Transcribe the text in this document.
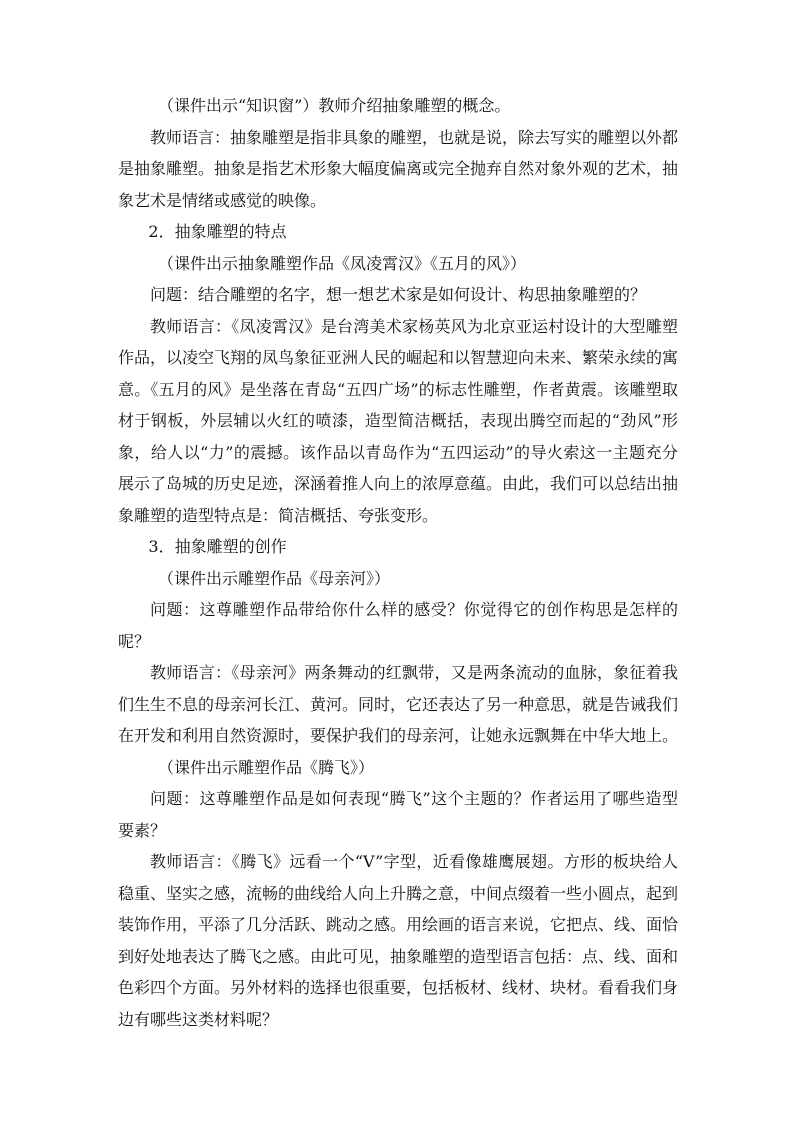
（课件出示“知识窗”）教师介绍抽象雕塑的概念。

教师语言：抽象雕塑是指非具象的雕塑，也就是说，除去写实的雕塑以外都是抽象雕塑。抽象是指艺术形象大幅度偏离或完全抛弃自然对象外观的艺术，抽象艺术是情绪或感觉的映像。

2．抽象雕塑的特点

（课件出示抽象雕塑作品《凤凌霄汉》《五月的风》）

问题：结合雕塑的名字，想一想艺术家是如何设计、构思抽象雕塑的？

教师语言：《凤凌霄汉》是台湾美术家杨英风为北京亚运村设计的大型雕塑作品，以凌空飞翔的凤鸟象征亚洲人民的崛起和以智慧迎向未来、繁荣永续的寓意。《五月的风》是坐落在青岛“五四广场”的标志性雕塑，作者黄震。该雕塑取材于钢板，外层辅以火红的喷漆，造型简洁概括，表现出腾空而起的“劲风”形象，给人以“力”的震撼。该作品以青岛作为“五四运动”的导火索这一主题充分展示了岛城的历史足迹，深涵着推人向上的浓厚意蕴。由此，我们可以总结出抽象雕塑的造型特点是：简洁概括、夸张变形。

3．抽象雕塑的创作

（课件出示雕塑作品《母亲河》）

问题：这尊雕塑作品带给你什么样的感受？你觉得它的创作构思是怎样的呢？

教师语言：《母亲河》两条舞动的红飘带，又是两条流动的血脉，象征着我们生生不息的母亲河长江、黄河。同时，它还表达了另一种意思，就是告诫我们在开发和利用自然资源时，要保护我们的母亲河，让她永远飘舞在中华大地上。

（课件出示雕塑作品《腾飞》）

问题：这尊雕塑作品是如何表现“腾飞”这个主题的？作者运用了哪些造型要素？

教师语言：《腾飞》远看一个“V”字型，近看像雄鹰展翅。方形的板块给人稳重、坚实之感，流畅的曲线给人向上升腾之意，中间点缀着一些小圆点，起到装饰作用，平添了几分活跃、跳动之感。用绘画的语言来说，它把点、线、面恰到好处地表达了腾飞之感。由此可见，抽象雕塑的造型语言包括：点、线、面和色彩四个方面。另外材料的选择也很重要，包括板材、线材、块材。看看我们身边有哪些这类材料呢？
